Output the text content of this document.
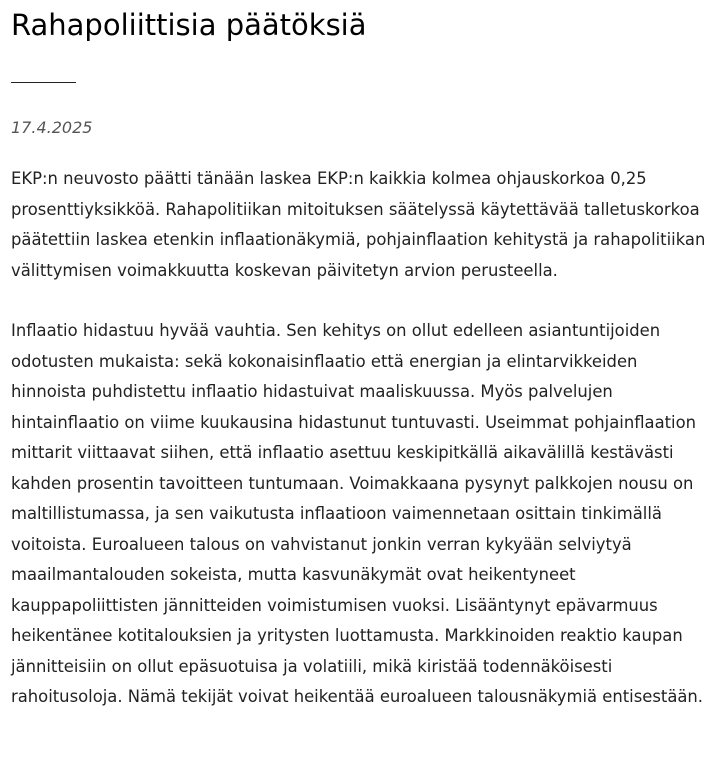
Rahapoliittisia päätöksiä

17.4.2025

EKP:n neuvosto päätti tänään laskea EKP:n kaikkia kolmea ohjauskorkoa 0,25 prosenttiyksikköä. Rahapolitiikan mitoituksen säätelyssä käytettävää talletuskorkoa päätettiin laskea etenkin inflaationäkymiä, pohjainflaation kehitystä ja rahapolitiikan välittymisen voimakkuutta koskevan päivitetyn arvion perusteella.

Inflaatio hidastuu hyvää vauhtia. Sen kehitys on ollut edelleen asiantuntijoiden odotusten mukaista: sekä kokonaisinflaatio että energian ja elintarvikkeiden hinnoista puhdistettu inflaatio hidastuivat maaliskuussa. Myös palvelujen hintainflaatio on viime kuukausina hidastunut tuntuvasti. Useimmat pohjainflaation mittarit viittaavat siihen, että inflaatio asettuu keskipitkällä aikavälillä kestävästi kahden prosentin tavoitteen tuntumaan. Voimakkaana pysynyt palkkojen nousu on maltillistumassa, ja sen vaikutusta inflaatioon vaimennetaan osittain tinkimällä voitoista. Euroalueen talous on vahvistanut jonkin verran kykyään selviytyä maailmantalouden sokeista, mutta kasvunäkymät ovat heikentyneet kauppapoliittisten jännitteiden voimistumisen vuoksi. Lisääntynyt epävarmuus heikentänee kotitalouksien ja yritysten luottamusta. Markkinoiden reaktio kaupan jännitteisiin on ollut epäsuotuisa ja volatiili, mikä kiristää todennäköisesti rahoitusoloja. Nämä tekijät voivat heikentää euroalueen talousnäkymiä entisestään.
